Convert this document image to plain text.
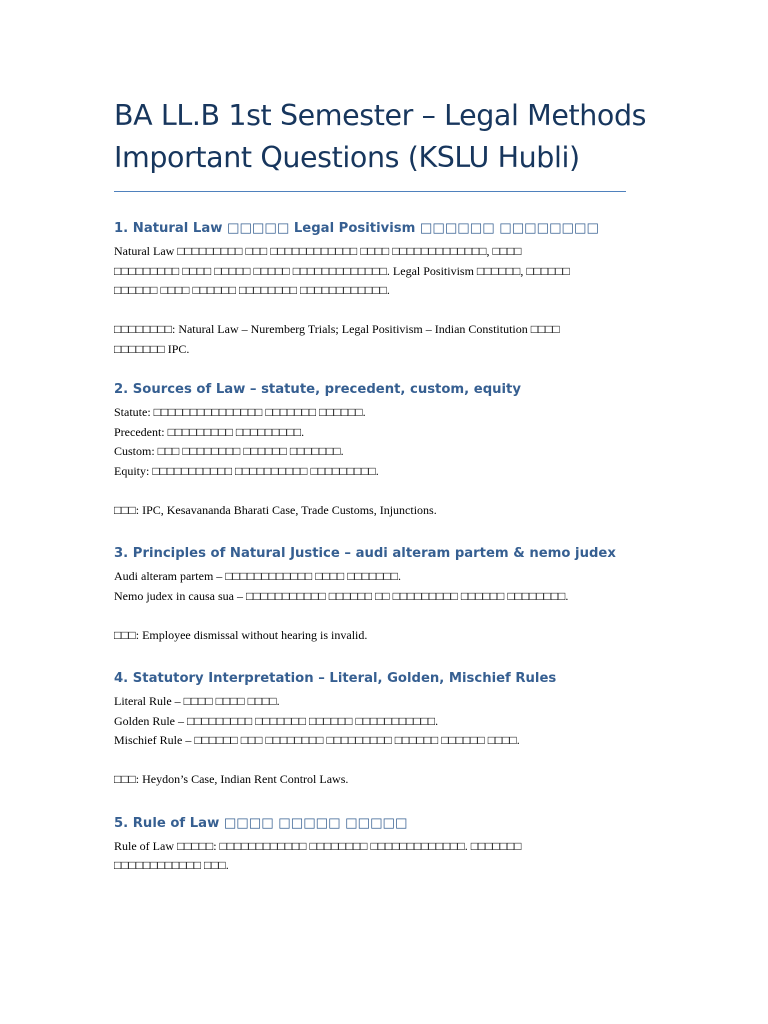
BA LL.B 1st Semester – Legal Methods
Important Questions (KSLU Hubli)
1. Natural Law □□□□□ Legal Positivism □□□□□□ □□□□□□□□

Natural Law □□□□□□□□□ □□□ □□□□□□□□□□□□ □□□□ □□□□□□□□□□□□□, □□□□

□□□□□□□□□ □□□□ □□□□□ □□□□□ □□□□□□□□□□□□□. Legal Positivism □□□□□□, □□□□□□

□□□□□□ □□□□ □□□□□□ □□□□□□□□ □□□□□□□□□□□□.

□□□□□□□□: Natural Law – Nuremberg Trials; Legal Positivism – Indian Constitution □□□□

□□□□□□□ IPC.

2. Sources of Law – statute, precedent, custom, equity

Statute: □□□□□□□□□□□□□□□ □□□□□□□ □□□□□□.

Precedent: □□□□□□□□□ □□□□□□□□□.

Custom: □□□ □□□□□□□□ □□□□□□ □□□□□□□.

Equity: □□□□□□□□□□□ □□□□□□□□□□ □□□□□□□□□.

□□□: IPC, Kesavananda Bharati Case, Trade Customs, Injunctions.

3. Principles of Natural Justice – audi alteram partem & nemo judex

Audi alteram partem – □□□□□□□□□□□□ □□□□ □□□□□□□.

Nemo judex in causa sua – □□□□□□□□□□□ □□□□□□ □□ □□□□□□□□□ □□□□□□ □□□□□□□□.

□□□: Employee dismissal without hearing is invalid.

4. Statutory Interpretation – Literal, Golden, Mischief Rules

Literal Rule – □□□□ □□□□ □□□□.

Golden Rule – □□□□□□□□□ □□□□□□□ □□□□□□ □□□□□□□□□□□.

Mischief Rule – □□□□□□ □□□ □□□□□□□□ □□□□□□□□□ □□□□□□ □□□□□□ □□□□.

□□□: Heydon’s Case, Indian Rent Control Laws.

5. Rule of Law □□□□ □□□□□ □□□□□

Rule of Law □□□□□: □□□□□□□□□□□□ □□□□□□□□ □□□□□□□□□□□□□. □□□□□□□

□□□□□□□□□□□□ □□□.
